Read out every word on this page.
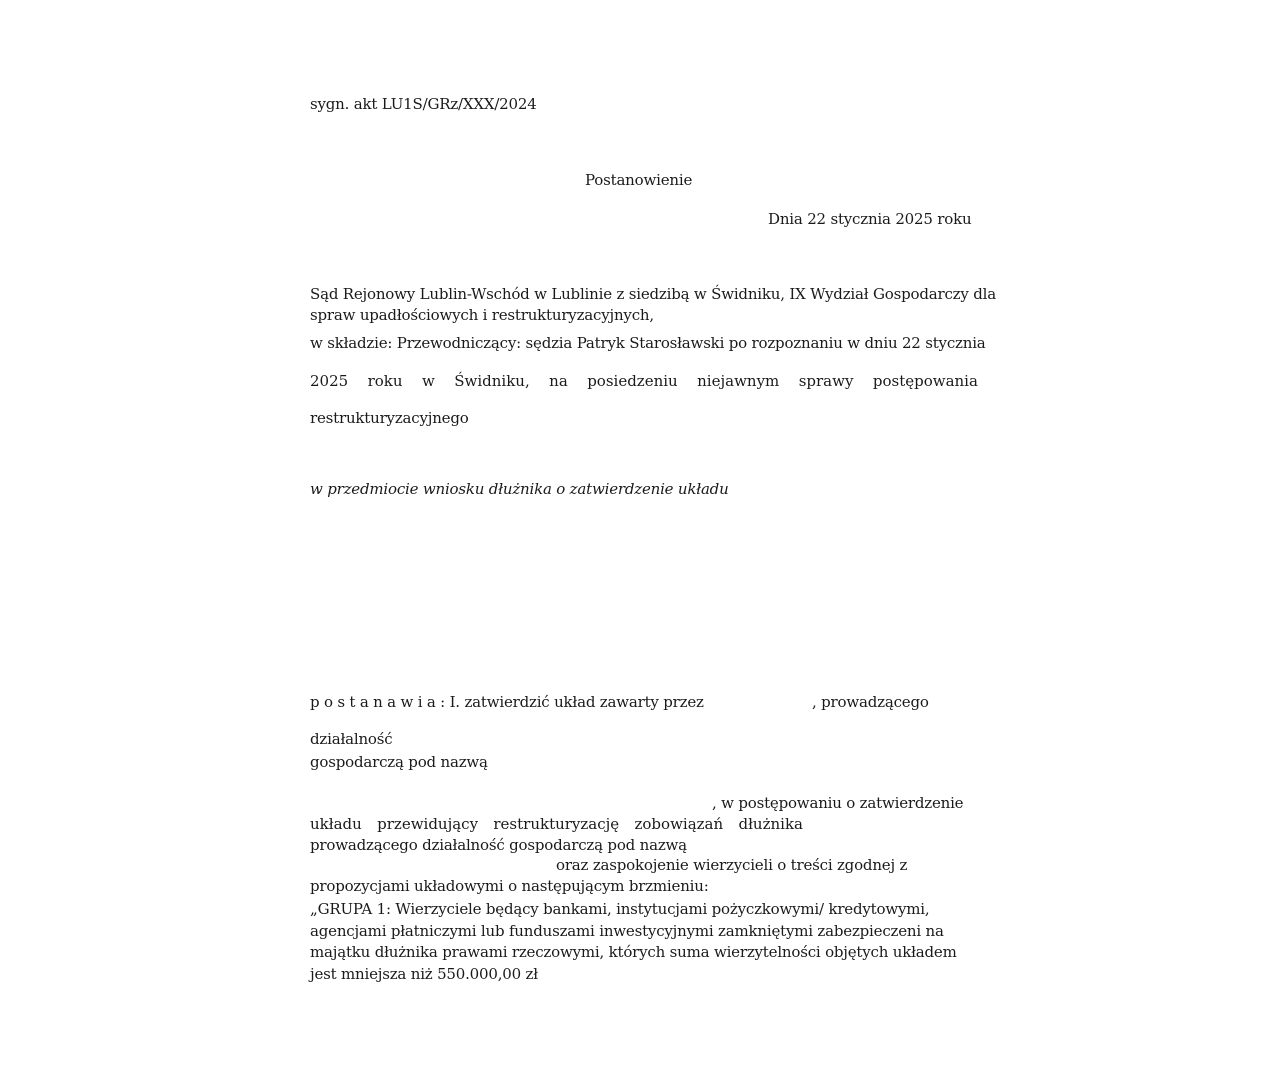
sygn. akt LU1S/GRz/XXX/2024
Postanowienie
Dnia 22 stycznia 2025 roku
Sąd Rejonowy Lublin-Wschód w Lublinie z siedzibą w Świdniku, IX Wydział Gospodarczy dla
spraw upadłościowych i restrukturyzacyjnych,
w składzie: Przewodniczący: sędzia Patryk Starosławski po rozpoznaniu w dniu 22 stycznia
2025 roku w Świdniku, na posiedzeniu niejawnym sprawy postępowania
restrukturyzacyjnego
w przedmiocie wniosku dłużnika o zatwierdzenie układu
p o s t a n a w i a : I. zatwierdzić układ zawarty przez	, prowadzącego
działalność
gospodarczą pod nazwą
, w postępowaniu o zatwierdzenie
układu przewidujący restrukturyzację zobowiązań dłużnika
prowadzącego działalność gospodarczą pod nazwą
oraz zaspokojenie wierzycieli o treści zgodnej z
propozycjami układowymi o następującym brzmieniu:
„GRUPA 1: Wierzyciele będący bankami, instytucjami pożyczkowymi/ kredytowymi,
agencjami płatniczymi lub funduszami inwestycyjnymi zamkniętymi zabezpieczeni na
majątku dłużnika prawami rzeczowymi, których suma wierzytelności objętych układem
jest mniejsza niż 550.000,00 zł
